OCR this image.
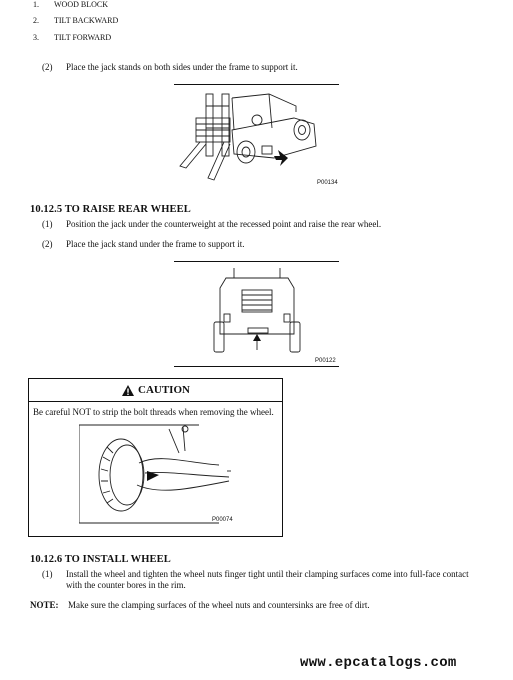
1. WOOD BLOCK
2. TILT BACKWARD
3. TILT FORWARD
(2) Place the jack stands on both sides under the frame to support it.
P00134
10.12.5 TO RAISE REAR WHEEL
(1) Position the jack under the counterweight at the recessed point and raise the rear wheel.
(2) Place the jack stand under the frame to support it.
P00122
CAUTION
Be careful NOT to strip the bolt threads when removing the wheel.
P00074
10.12.6 TO INSTALL WHEEL
(1) Install the wheel and tighten the wheel nuts finger tight until their clamping surfaces come into full-face contact
with the counter bores in the rim.
NOTE: Make sure the clamping surfaces of the wheel nuts and countersinks are free of dirt.
www.epcatalogs.com
